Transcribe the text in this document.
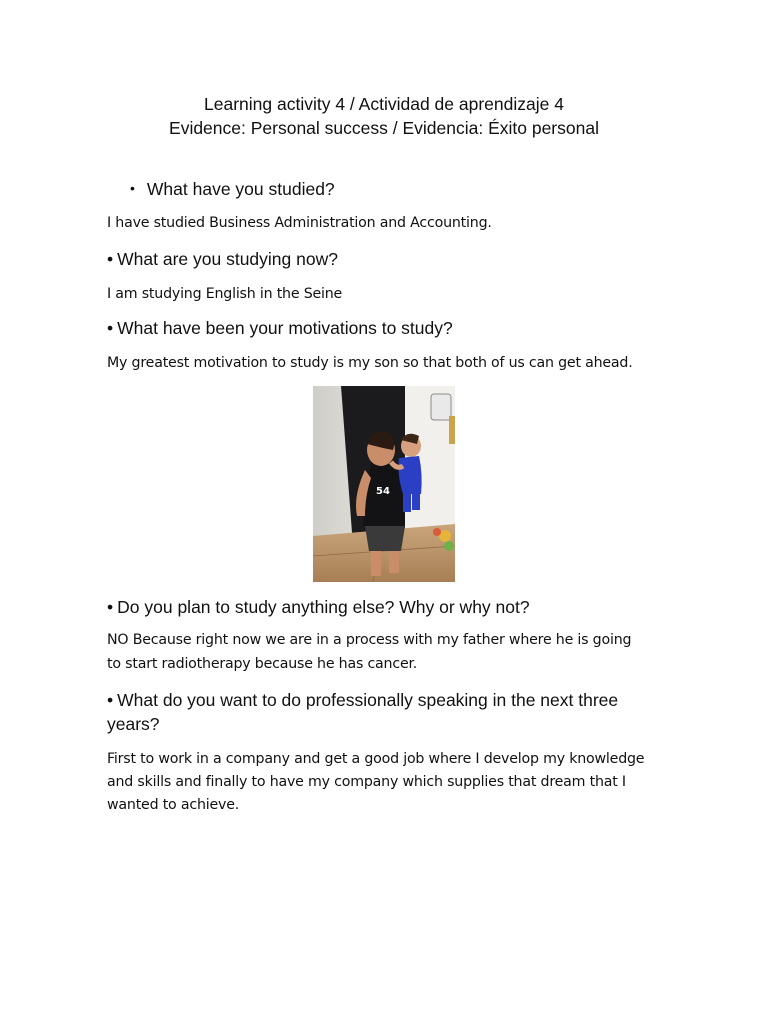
Learning activity 4 / Actividad de aprendizaje 4
Evidence: Personal success / Evidencia: Éxito personal
• What have you studied?
I have studied Business Administration and Accounting.
• What are you studying now?
I am studying English in the Seine
• What have been your motivations to study?
My greatest motivation to study is my son so that both of us can get ahead.
54
• Do you plan to study anything else? Why or why not?
NO Because right now we are in a process with my father where he is going
to start radiotherapy because he has cancer.
• What do you want to do professionally speaking in the next three
years?
First to work in a company and get a good job where I develop my knowledge
and skills and finally to have my company which supplies that dream that I
wanted to achieve.
